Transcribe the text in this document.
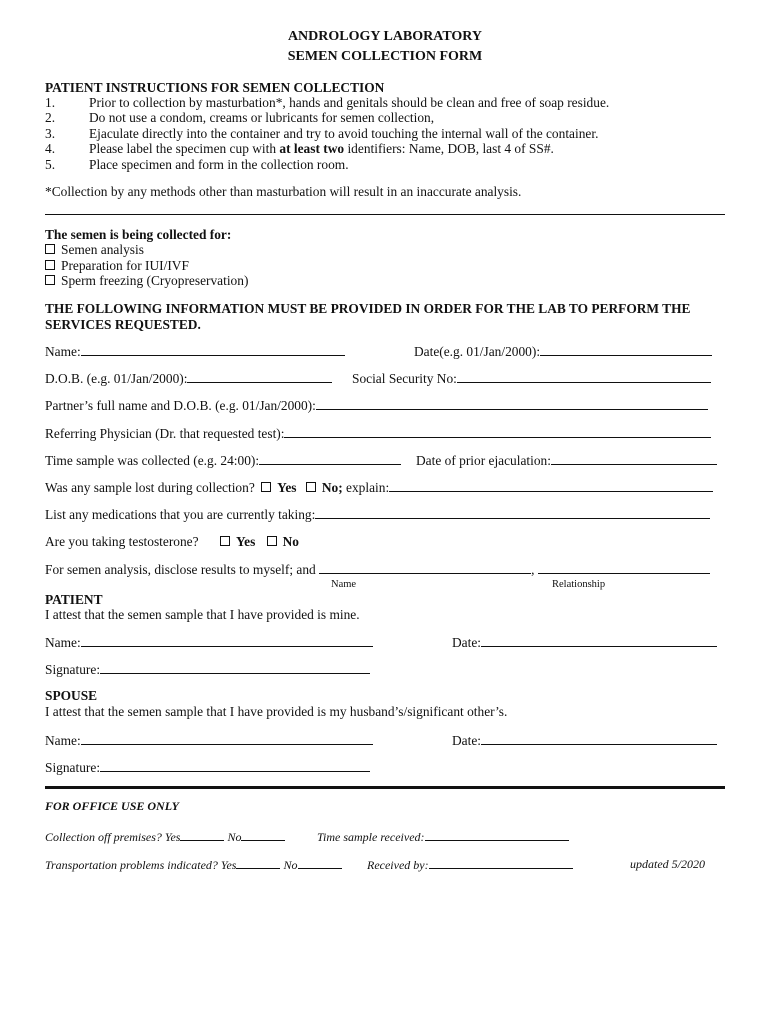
ANDROLOGY LABORATORY
SEMEN COLLECTION FORM
PATIENT INSTRUCTIONS FOR SEMEN COLLECTION
1.	Prior to collection by masturbation*, hands and genitals should be clean and free of soap residue.
2.	Do not use a condom, creams or lubricants for semen collection,
3.	Ejaculate directly into the container and try to avoid touching the internal wall of the container.
4.	Please label the specimen cup with at least two identifiers: Name, DOB, last 4 of SS#.
5.	Place specimen and form in the collection room.
*Collection by any methods other than masturbation will result in an inaccurate analysis.
The semen is being collected for:
Semen analysis
Preparation for IUI/IVF
Sperm freezing (Cryopreservation)
THE FOLLOWING INFORMATION MUST BE PROVIDED IN ORDER FOR THE LAB TO PERFORM THE
SERVICES REQUESTED.
Name:	Date(e.g. 01/Jan/2000):
D.O.B. (e.g. 01/Jan/2000):	Social Security No:
Partner’s full name and D.O.B. (e.g. 01/Jan/2000):
Referring Physician (Dr. that requested test):
Time sample was collected (e.g. 24:00):	Date of prior ejaculation:
Was any sample lost during collection? Yes No; explain:
List any medications that you are currently taking:
Are you taking testosterone?	Yes No
For semen analysis, disclose results to myself; and	,
Name	Relationship
PATIENT
I attest that the semen sample that I have provided is mine.
Name:	Date:
Signature:
SPOUSE
I attest that the semen sample that I have provided is my husband’s/significant other’s.
Name:	Date:
Signature:
FOR OFFICE USE ONLY
Collection off premises? Yes	No	Time sample received:
Transportation problems indicated? Yes	No	Received by:	updated 5/2020
